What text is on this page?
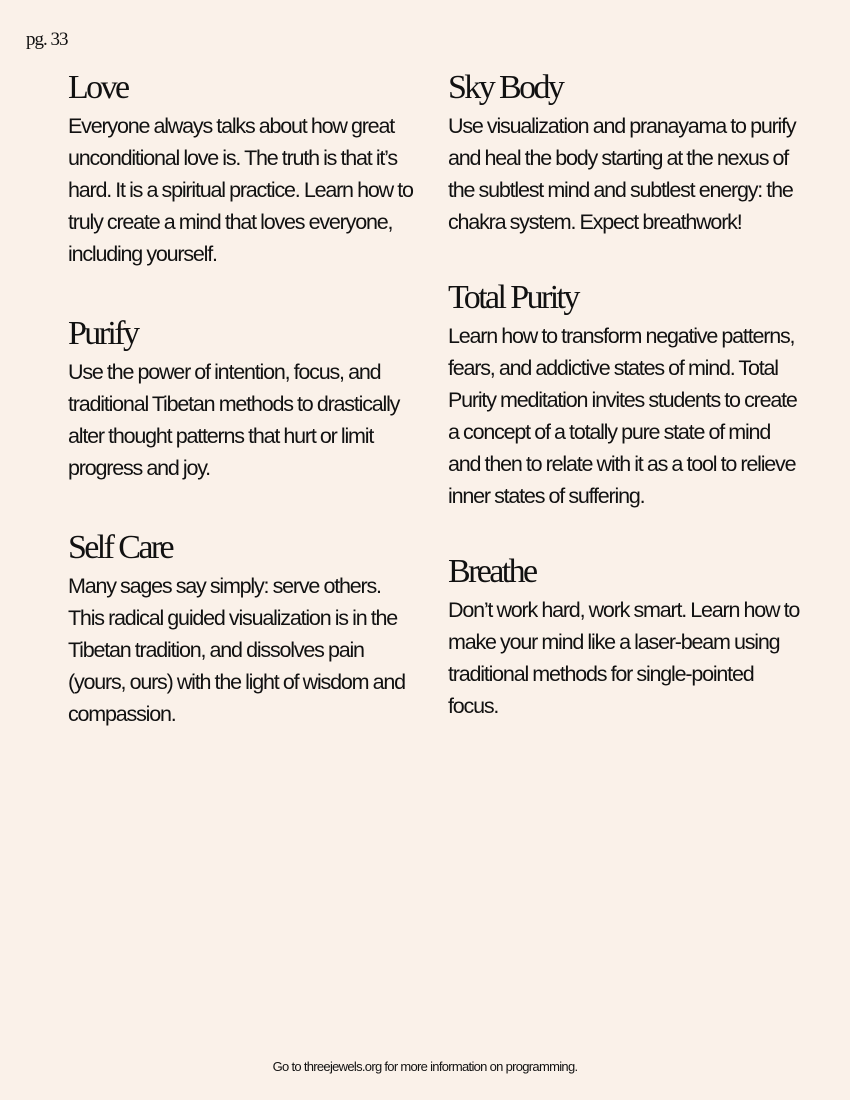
pg. 33
Love

Everyone always talks about how great unconditional love is. The truth is that it’s hard. It is a spiritual practice. Learn how to truly create a mind that loves everyone, including yourself.

Purify

Use the power of intention, focus, and traditional Tibetan methods to drastically alter thought patterns that hurt or limit progress and joy.

Self Care

Many sages say simply: serve others. This radical guided visualization is in the Tibetan tradition, and dissolves pain (yours, ours) with the light of wisdom and compassion.

Sky Body

Use visualization and pranayama to purify and heal the body starting at the nexus of the subtlest mind and subtlest energy: the chakra system. Expect breathwork!

Total Purity

Learn how to transform negative patterns, fears, and addictive states of mind. Total Purity meditation invites students to create a concept of a totally pure state of mind and then to relate with it as a tool to relieve inner states of suffering.

Breathe

Don’t work hard, work smart. Learn how to make your mind like a laser-beam using traditional methods for single-pointed focus.

Go to threejewels.org for more information on programming.
